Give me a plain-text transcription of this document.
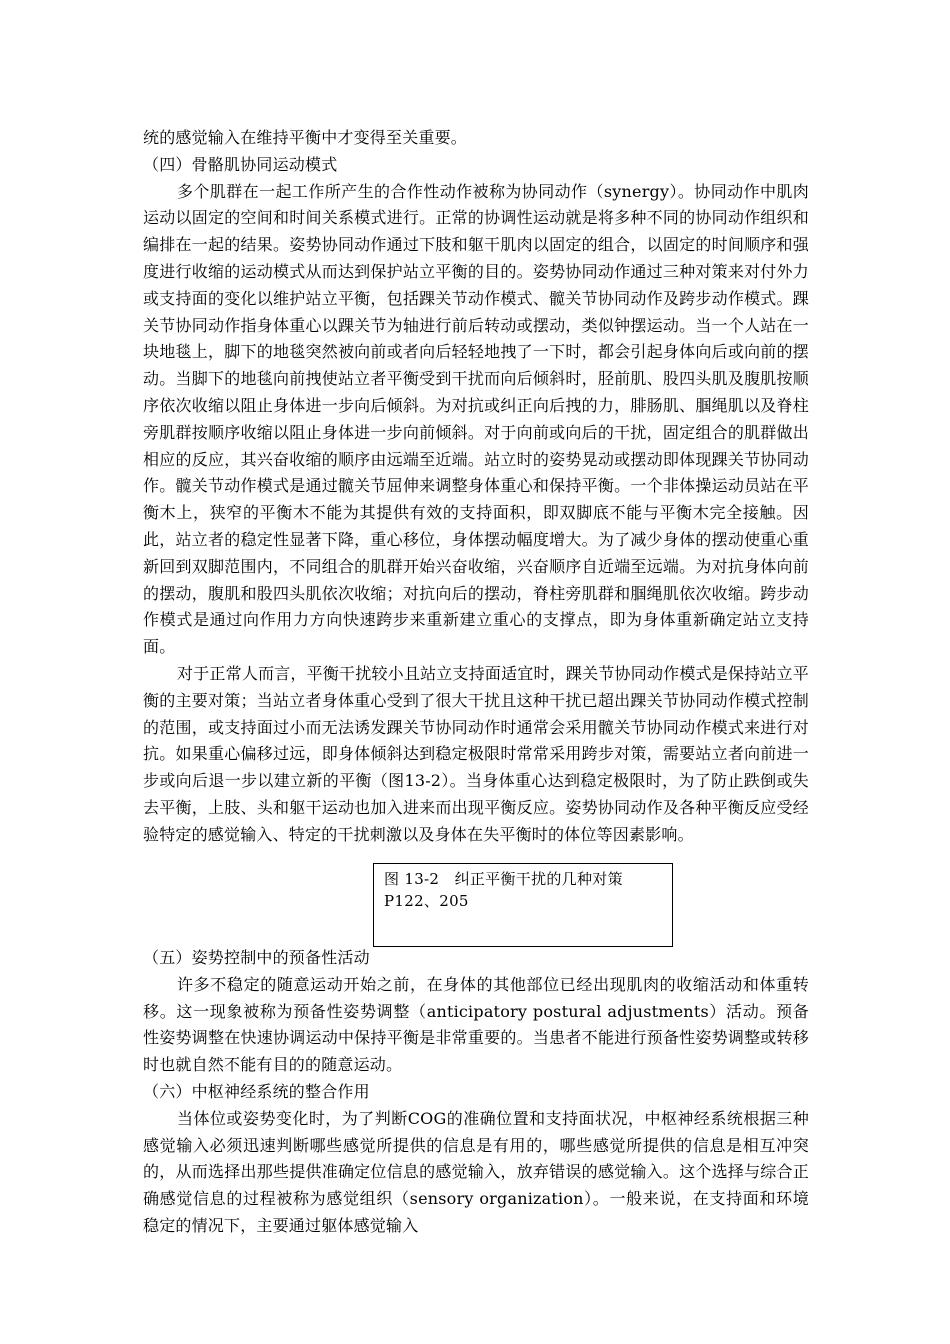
统的感觉输入在维持平衡中才变得至关重要。

（四）骨骼肌协同运动模式

多个肌群在一起工作所产生的合作性动作被称为协同动作（synergy）。协同动作中肌肉运动以固定的空间和时间关系模式进行。正常的协调性运动就是将多种不同的协同动作组织和编排在一起的结果。姿势协同动作通过下肢和躯干肌肉以固定的组合，以固定的时间顺序和强度进行收缩的运动模式从而达到保护站立平衡的目的。姿势协同动作通过三种对策来对付外力或支持面的变化以维护站立平衡，包括踝关节动作模式、髋关节协同动作及跨步动作模式。踝关节协同动作指身体重心以踝关节为轴进行前后转动或摆动，类似钟摆运动。当一个人站在一块地毯上，脚下的地毯突然被向前或者向后轻轻地拽了一下时，都会引起身体向后或向前的摆动。当脚下的地毯向前拽使站立者平衡受到干扰而向后倾斜时，胫前肌、股四头肌及腹肌按顺序依次收缩以阻止身体进一步向后倾斜。为对抗或纠正向后拽的力，腓肠肌、腘绳肌以及脊柱旁肌群按顺序收缩以阻止身体进一步向前倾斜。对于向前或向后的干扰，固定组合的肌群做出相应的反应，其兴奋收缩的顺序由远端至近端。站立时的姿势晃动或摆动即体现踝关节协同动作。髋关节动作模式是通过髋关节屈伸来调整身体重心和保持平衡。一个非体操运动员站在平衡木上，狭窄的平衡木不能为其提供有效的支持面积，即双脚底不能与平衡木完全接触。因此，站立者的稳定性显著下降，重心移位，身体摆动幅度增大。为了减少身体的摆动使重心重新回到双脚范围内，不同组合的肌群开始兴奋收缩，兴奋顺序自近端至远端。为对抗身体向前的摆动，腹肌和股四头肌依次收缩；对抗向后的摆动，脊柱旁肌群和腘绳肌依次收缩。跨步动作模式是通过向作用力方向快速跨步来重新建立重心的支撑点，即为身体重新确定站立支持面。

对于正常人而言，平衡干扰较小且站立支持面适宜时，踝关节协同动作模式是保持站立平衡的主要对策；当站立者身体重心受到了很大干扰且这种干扰已超出踝关节协同动作模式控制的范围，或支持面过小而无法诱发踝关节协同动作时通常会采用髋关节协同动作模式来进行对抗。如果重心偏移过远，即身体倾斜达到稳定极限时常常采用跨步对策，需要站立者向前进一步或向后退一步以建立新的平衡（图13-2）。当身体重心达到稳定极限时，为了防止跌倒或失去平衡，上肢、头和躯干运动也加入进来而出现平衡反应。姿势协同动作及各种平衡反应受经验特定的感觉输入、特定的干扰刺激以及身体在失平衡时的体位等因素影响。

图 13-2　纠正平衡干扰的几种对策
P122、205

（五）姿势控制中的预备性活动

许多不稳定的随意运动开始之前，在身体的其他部位已经出现肌肉的收缩活动和体重转移。这一现象被称为预备性姿势调整（anticipatory postural adjustments）活动。预备性姿势调整在快速协调运动中保持平衡是非常重要的。当患者不能进行预备性姿势调整或转移时也就自然不能有目的的随意运动。

（六）中枢神经系统的整合作用

当体位或姿势变化时，为了判断COG的准确位置和支持面状况，中枢神经系统根据三种感觉输入必须迅速判断哪些感觉所提供的信息是有用的，哪些感觉所提供的信息是相互冲突的，从而选择出那些提供准确定位信息的感觉输入，放弃错误的感觉输入。这个选择与综合正确感觉信息的过程被称为感觉组织（sensory organization）。一般来说，在支持面和环境稳定的情况下，主要通过躯体感觉输入
